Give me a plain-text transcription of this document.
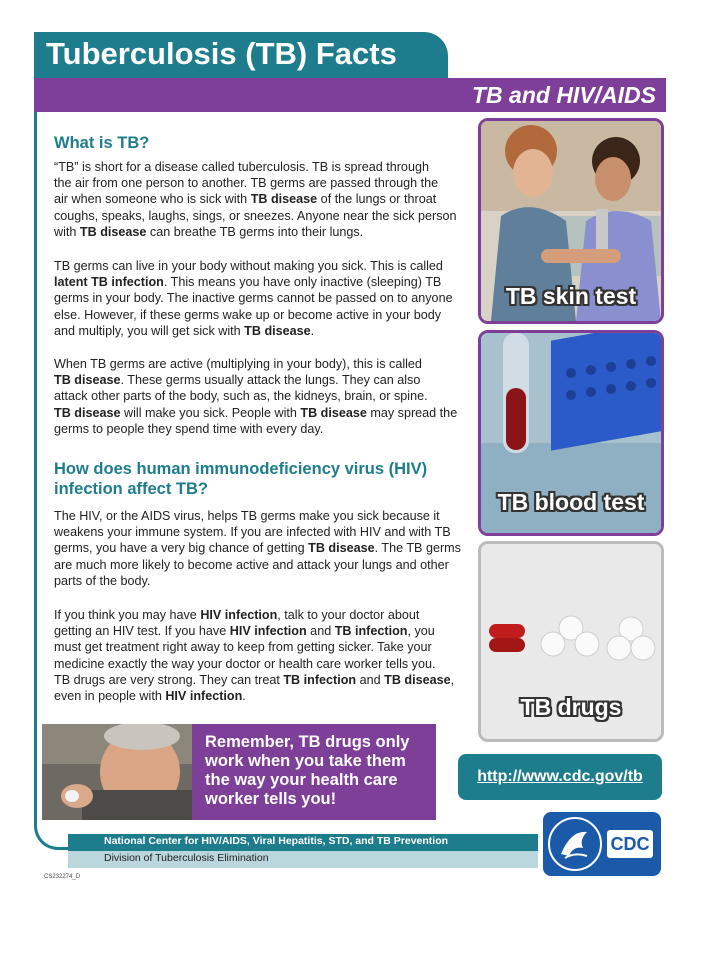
Tuberculosis (TB) Facts
TB and HIV/AIDS
What is TB?
“TB” is short for a disease called tuberculosis. TB is spread through
the air from one person to another. TB germs are passed through the
air when someone who is sick with TB disease of the lungs or throat
coughs, speaks, laughs, sings, or sneezes. Anyone near the sick person
with TB disease can breathe TB germs into their lungs.
TB germs can live in your body without making you sick. This is called
latent TB infection. This means you have only inactive (sleeping) TB
germs in your body. The inactive germs cannot be passed on to anyone
else. However, if these germs wake up or become active in your body
and multiply, you will get sick with TB disease.
When TB germs are active (multiplying in your body), this is called
TB disease. These germs usually attack the lungs. They can also
attack other parts of the body, such as, the kidneys, brain, or spine.
TB disease will make you sick. People with TB disease may spread the
germs to people they spend time with every day.
How does human immunodeficiency virus (HIV)
infection affect TB?
The HIV, or the AIDS virus, helps TB germs make you sick because it
weakens your immune system. If you are infected with HIV and with TB
germs, you have a very big chance of getting TB disease. The TB germs
are much more likely to become active and attack your lungs and other
parts of the body.
If you think you may have HIV infection, talk to your doctor about
getting an HIV test. If you have HIV infection and TB infection, you
must get treatment right away to keep from getting sicker. Take your
medicine exactly the way your doctor or health care worker tells you.
TB drugs are very strong. They can treat TB infection and TB disease,
even in people with HIV infection.
TB skin test
TB blood test
TB drugs
Remember, TB drugs only
work when you take them
the way your health care
worker tells you!
http://www.cdc.gov/tb
National Center for HIV/AIDS, Viral Hepatitis, STD, and TB Prevention
Division of Tuberculosis Elimination
CDC
CS232274_D
